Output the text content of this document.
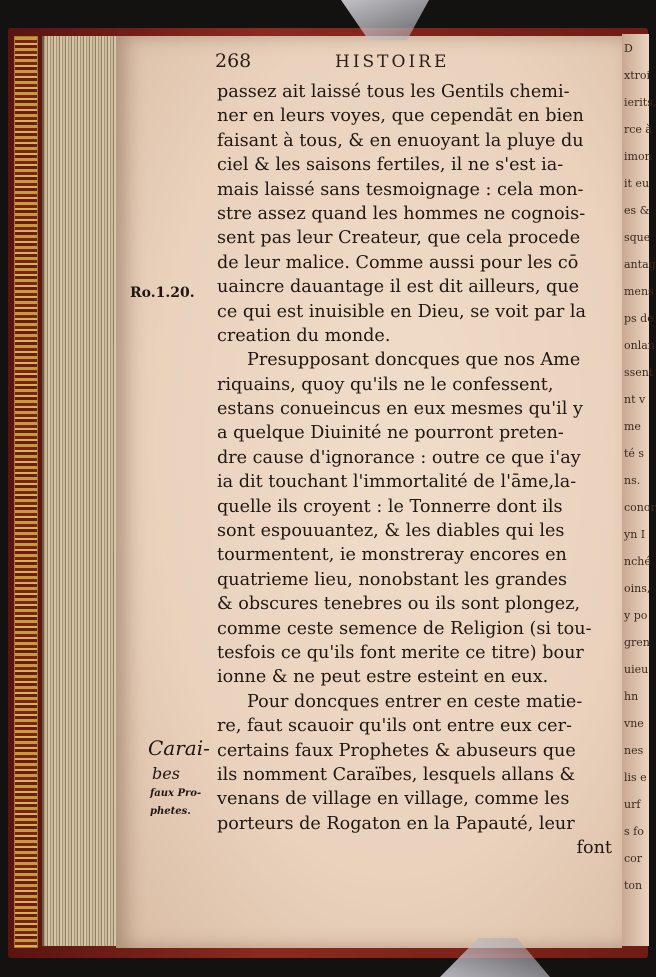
D
xtroi
ierits,
rce à
imon
it eu
es &
sque
antag
mens
ps de
onlan
ssent
nt v
me
té s
ns.
conor
yn I
nché
oins,
y po
gren
uieu
hn
vne
nes
lis e
urf
s fo
cor
ton
268	HISTOIRE
passez ait laissé tous les Gentils chemi-
ner en leurs voyes, que cependāt en bien
faisant à tous, & en enuoyant la pluye du
ciel & les saisons fertiles, il ne s'est ia-
mais laissé sans tesmoignage : cela mon-
stre assez quand les hommes ne cognois-
sent pas leur Createur, que cela procede
de leur malice. Comme aussi pour les cō
uaincre dauantage il est dit ailleurs, que
ce qui est inuisible en Dieu, se voit par la
creation du monde.
Presupposant doncques que nos Ame
riquains, quoy qu'ils ne le confessent,
estans conueincus en eux mesmes qu'il y
a quelque Diuinité ne pourront preten-
dre cause d'ignorance : outre ce que i'ay
ia dit touchant l'immortalité de l'āme,la-
quelle ils croyent : le Tonnerre dont ils
sont espouuantez, & les diables qui les
tourmentent, ie monstreray encores en
quatrieme lieu, nonobstant les grandes
& obscures tenebres ou ils sont plongez,
comme ceste semence de Religion (si tou-
tesfois ce qu'ils font merite ce titre) bour
ionne & ne peut estre esteint en eux.
Pour doncques entrer en ceste matie-
re, faut scauoir qu'ils ont entre eux cer-
certains faux Prophetes & abuseurs que
ils nomment Caraïbes, lesquels allans &
venans de village en village, comme les
porteurs de Rogaton en la Papauté, leur
font
Ro.1.20.
Carai-
bes
faux Pro-
phetes.
